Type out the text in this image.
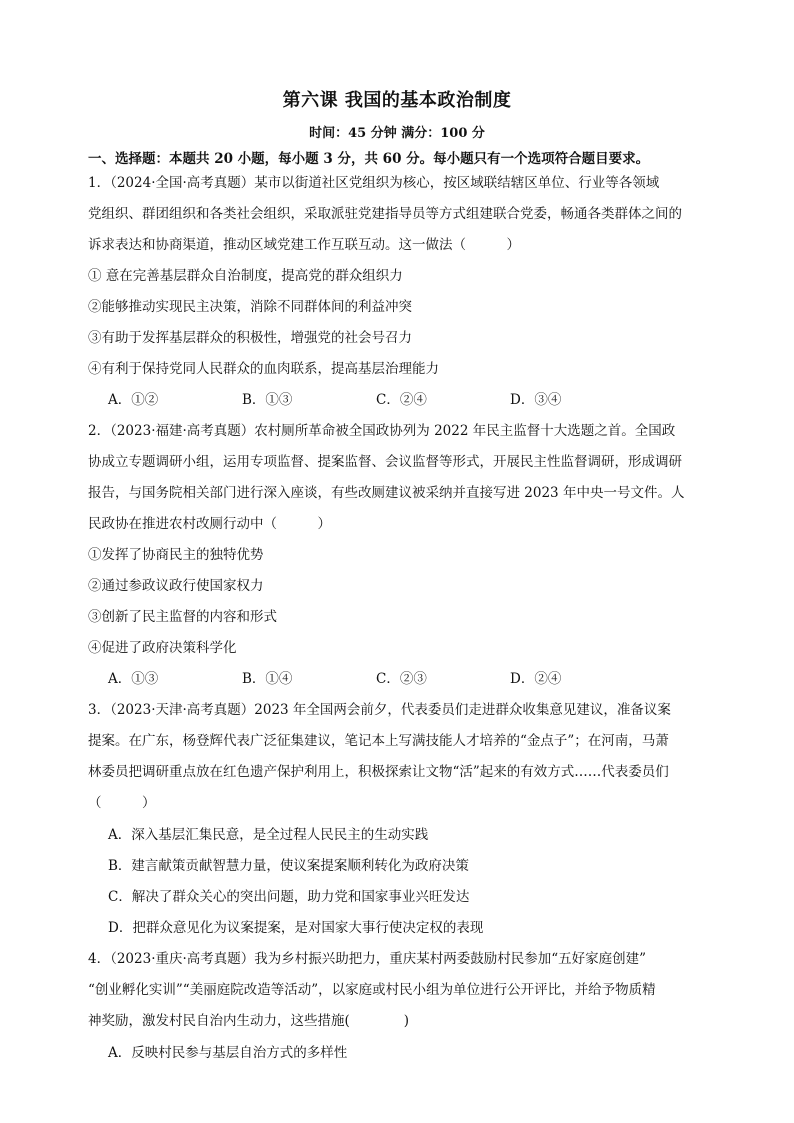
第六课 我国的基本政治制度
时间：45 分钟 满分：100 分
一、选择题：本题共 20 小题，每小题 3 分，共 60 分。每小题只有一个选项符合题目要求。
1．（2024·全国·高考真题）某市以街道社区党组织为核心，按区域联结辖区单位、行业等各领域
党组织、群团组织和各类社会组织，采取派驻党建指导员等方式组建联合党委，畅通各类群体之间的
诉求表达和协商渠道，推动区域党建工作互联互动。这一做法（　　　）
① 意在完善基层群众自治制度，提高党的群众组织力
②能够推动实现民主决策，消除不同群体间的利益冲突
③有助于发挥基层群众的积极性，增强党的社会号召力
④有利于保持党同人民群众的血肉联系，提高基层治理能力
A．①②	B．①③	C．②④	D．③④
2．（2023·福建·高考真题）农村厕所革命被全国政协列为 2022 年民主监督十大选题之首。全国政
协成立专题调研小组，运用专项监督、提案监督、会议监督等形式，开展民主性监督调研，形成调研
报告，与国务院相关部门进行深入座谈，有些改厕建议被采纳并直接写进 2023 年中央一号文件。人
民政协在推进农村改厕行动中（　　　）
①发挥了协商民主的独特优势
②通过参政议政行使国家权力
③创新了民主监督的内容和形式
④促进了政府决策科学化
A．①③	B．①④	C．②③	D．②④
3．（2023·天津·高考真题）2023 年全国两会前夕，代表委员们走进群众收集意见建议，准备议案
提案。在广东，杨登辉代表广泛征集建议，笔记本上写满技能人才培养的“金点子”；在河南，马萧
林委员把调研重点放在红色遗产保护利用上，积极探索让文物“活”起来的有效方式……代表委员们
（　　　）
A．深入基层汇集民意，是全过程人民民主的生动实践
B．建言献策贡献智慧力量，使议案提案顺利转化为政府决策
C．解决了群众关心的突出问题，助力党和国家事业兴旺发达
D．把群众意见化为议案提案，是对国家大事行使决定权的表现
4．（2023·重庆·高考真题）我为乡村振兴助把力，重庆某村两委鼓励村民参加“五好家庭创建”
“创业孵化实训”“美丽庭院改造等活动”，以家庭或村民小组为单位进行公开评比，并给予物质精
神奖励，激发村民自治内生动力，这些措施(　　　　)
A．反映村民参与基层自治方式的多样性
